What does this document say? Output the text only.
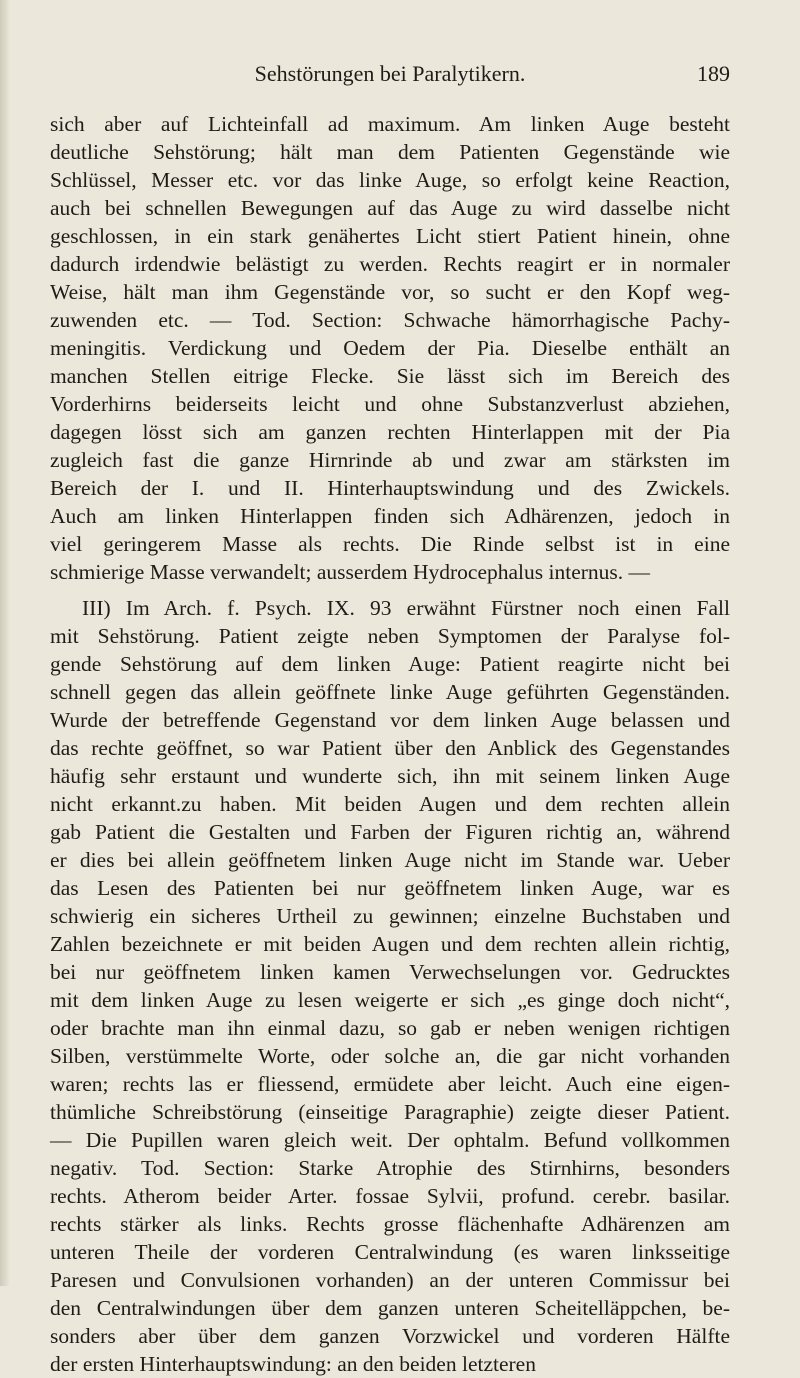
Sehstörungen bei Paralytikern.	189
sich aber auf Lichteinfall ad maximum. Am linken Auge besteht
deutliche Sehstörung; hält man dem Patienten Gegenstände wie
Schlüssel, Messer etc. vor das linke Auge, so erfolgt keine Reaction,
auch bei schnellen Bewegungen auf das Auge zu wird dasselbe nicht
geschlossen, in ein stark genähertes Licht stiert Patient hinein, ohne
dadurch irdendwie belästigt zu werden. Rechts reagirt er in normaler
Weise, hält man ihm Gegenstände vor, so sucht er den Kopf weg-
zuwenden etc. — Tod. Section: Schwache hämorrhagische Pachy-
meningitis. Verdickung und Oedem der Pia. Dieselbe enthält an
manchen Stellen eitrige Flecke. Sie lässt sich im Bereich des
Vorderhirns beiderseits leicht und ohne Substanzverlust abziehen,
dagegen lösst sich am ganzen rechten Hinterlappen mit der Pia
zugleich fast die ganze Hirnrinde ab und zwar am stärksten im
Bereich der I. und II. Hinterhauptswindung und des Zwickels.
Auch am linken Hinterlappen finden sich Adhärenzen, jedoch in
viel geringerem Masse als rechts. Die Rinde selbst ist in eine
schmierige Masse verwandelt; ausserdem Hydrocephalus internus. —
III) Im Arch. f. Psych. IX. 93 erwähnt Fürstner noch einen Fall
mit Sehstörung. Patient zeigte neben Symptomen der Paralyse fol-
gende Sehstörung auf dem linken Auge: Patient reagirte nicht bei
schnell gegen das allein geöffnete linke Auge geführten Gegenständen.
Wurde der betreffende Gegenstand vor dem linken Auge belassen und
das rechte geöffnet, so war Patient über den Anblick des Gegenstandes
häufig sehr erstaunt und wunderte sich, ihn mit seinem linken Auge
nicht erkannt.zu haben. Mit beiden Augen und dem rechten allein
gab Patient die Gestalten und Farben der Figuren richtig an, während
er dies bei allein geöffnetem linken Auge nicht im Stande war. Ueber
das Lesen des Patienten bei nur geöffnetem linken Auge, war es
schwierig ein sicheres Urtheil zu gewinnen; einzelne Buchstaben und
Zahlen bezeichnete er mit beiden Augen und dem rechten allein richtig,
bei nur geöffnetem linken kamen Verwechselungen vor. Gedrucktes
mit dem linken Auge zu lesen weigerte er sich „es ginge doch nicht“,
oder brachte man ihn einmal dazu, so gab er neben wenigen richtigen
Silben, verstümmelte Worte, oder solche an, die gar nicht vorhanden
waren; rechts las er fliessend, ermüdete aber leicht. Auch eine eigen-
thümliche Schreibstörung (einseitige Paragraphie) zeigte dieser Patient.
— Die Pupillen waren gleich weit. Der ophtalm. Befund vollkommen
negativ. Tod. Section: Starke Atrophie des Stirnhirns, besonders
rechts. Atherom beider Arter. fossae Sylvii, profund. cerebr. basilar.
rechts stärker als links. Rechts grosse flächenhafte Adhärenzen am
unteren Theile der vorderen Centralwindung (es waren linksseitige
Paresen und Convulsionen vorhanden) an der unteren Commissur bei
den Centralwindungen über dem ganzen unteren Scheitelläppchen, be-
sonders aber über dem ganzen Vorzwickel und vorderen Hälfte
der ersten Hinterhauptswindung: an den beiden letzteren
